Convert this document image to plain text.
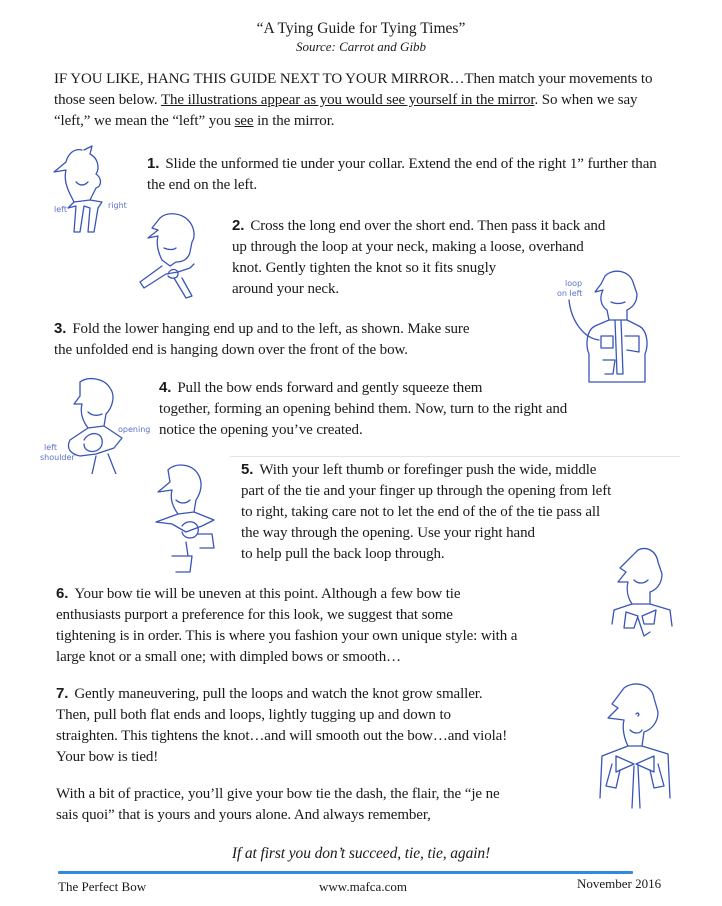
“A Tying Guide for Tying Times”
Source: Carrot and Gibb
IF YOU LIKE, HANG THIS GUIDE NEXT TO YOUR MIRROR…Then match your movements to those seen below. The illustrations appear as you would see yourself in the mirror. So when we say “left,” we mean the “left” you see in the mirror.
1. Slide the unformed tie under your collar. Extend the end of the right 1” further than the end on the left.
2. Cross the long end over the short end. Then pass it back and
up through the loop at your neck, making a loose, overhand
knot. Gently tighten the knot so it fits snugly
around your neck.
3. Fold the lower hanging end up and to the left, as shown. Make sure
the unfolded end is hanging down over the front of the bow.
4. Pull the bow ends forward and gently squeeze them
together, forming an opening behind them. Now, turn to the right and
notice the opening you’ve created.
5. With your left thumb or forefinger push the wide, middle
part of the tie and your finger up through the opening from left
to right, taking care not to let the end of the of the tie pass all
the way through the opening. Use your right hand
to help pull the back loop through.
6. Your bow tie will be uneven at this point. Although a few bow tie
enthusiasts purport a preference for this look, we suggest that some
tightening is in order. This is where you fashion your own unique style: with a
large knot or a small one; with dimpled bows or smooth…
7. Gently maneuvering, pull the loops and watch the knot grow smaller.
Then, pull both flat ends and loops, lightly tugging up and down to
straighten. This tightens the knot…and will smooth out the bow…and viola!
Your bow is tied!
With a bit of practice, you’ll give your bow tie the dash, the flair, the “je ne
sais quoi” that is yours and yours alone. And always remember,
If at first you don’t succeed, tie, tie, again!
The Perfect Bow	www.mafca.com	November 2016
left	right
loop
on left
opening
left
shoulder
